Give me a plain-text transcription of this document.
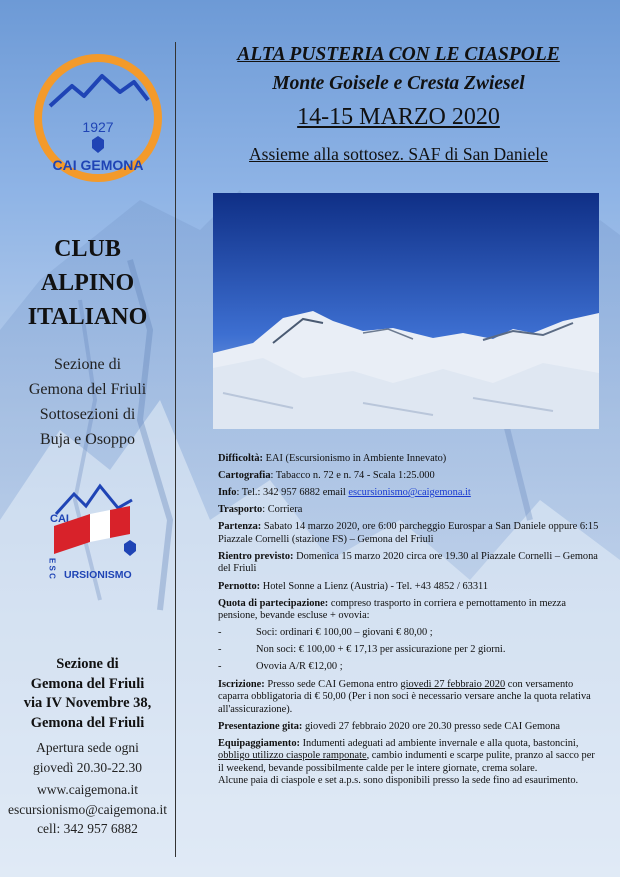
1927
CAI GEMONA
CLUB
ALPINO
ITALIANO
Sezione di
Gemona del Friuli
Sottosezioni di
Buja e Osoppo
CAI
E S C URSIONISMO
Sezione di
Gemona del Friuli
via IV Novembre 38,
Gemona del Friuli
Apertura sede ogni
giovedì 20.30-22.30
www.caigemona.it
escursionismo@caigemona.it
cell: 342 957 6882
ALTA PUSTERIA CON LE CIASPOLE
Monte Goisele e Cresta Zwiesel
14-15 MARZO 2020
Assieme alla sottosez. SAF di San Daniele

Difficoltà: EAI (Escursionismo in Ambiente Innevato)

Cartografia: Tabacco n. 72 e n. 74 - Scala 1:25.000

Info: Tel.: 342 957 6882 email escursionismo@caigemona.it

Trasporto: Corriera

Partenza: Sabato 14 marzo 2020, ore 6:00 parcheggio Eurospar a San Daniele oppure 6:15 Piazzale Cornelli (stazione FS) – Gemona del Friuli

Rientro previsto: Domenica 15 marzo 2020 circa ore 19.30 al Piazzale Cornelli – Gemona del Friuli

Pernotto: Hotel Sonne a Lienz (Austria) - Tel. +43 4852 / 63311

Quota di partecipazione: compreso trasporto in corriera e pernottamento in mezza pensione, bevande escluse + ovovia:

-	Soci: ordinari € 100,00 – giovani € 80,00 ;
-	Non soci: € 100,00 + € 17,13 per assicurazione per 2 giorni.
-	Ovovia A/R €12,00 ;

Iscrizione: Presso sede CAI Gemona entro giovedì 27 febbraio 2020 con versamento caparra obbligatoria di € 50,00 (Per i non soci è necessario versare anche la quota relativa all'assicurazione).

Presentazione gita: giovedì 27 febbraio 2020 ore 20.30 presso sede CAI Gemona

Equipaggiamento: Indumenti adeguati ad ambiente invernale e alla quota, bastoncini, obbligo utilizzo ciaspole ramponate, cambio indumenti e scarpe pulite, pranzo al sacco per il weekend, bevande possibilmente calde per le intere giornate, crema solare.

Alcune paia di ciaspole e set a.p.s. sono disponibili presso la sede fino ad esaurimento.
